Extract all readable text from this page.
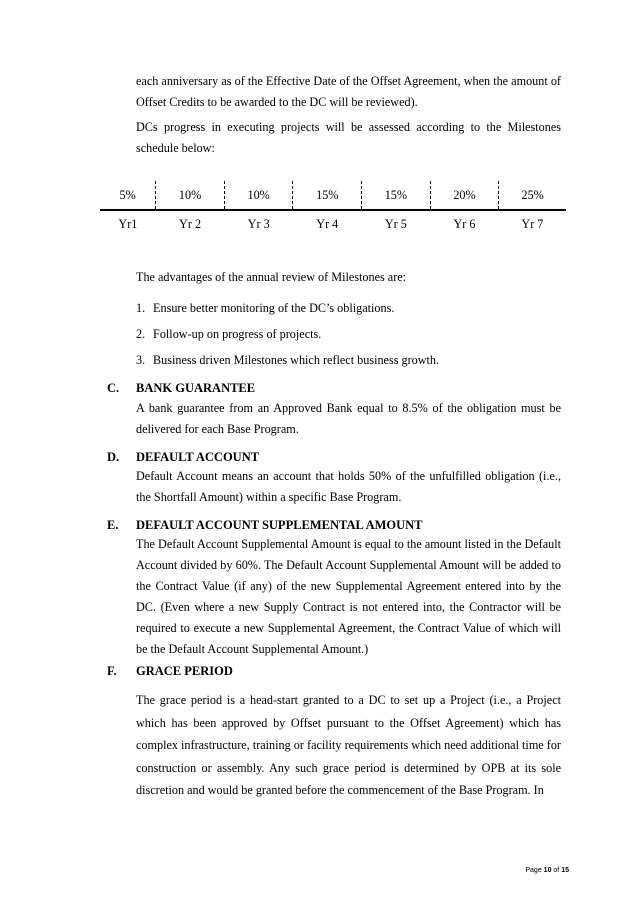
each anniversary as of the Effective Date of the Offset Agreement, when the amount of Offset Credits to be awarded to the DC will be reviewed).

DCs progress in executing projects will be assessed according to the Milestones schedule below:

5%	10%	10%	15%	15%	20%	25%
Yr1	Yr 2	Yr 3	Yr 4	Yr 5	Yr 6	Yr 7

The advantages of the annual review of Milestones are:

1. Ensure better monitoring of the DC’s obligations.

2. Follow-up on progress of projects.

3. Business driven Milestones which reflect business growth.

C. BANK GUARANTEE

A bank guarantee from an Approved Bank equal to 8.5% of the obligation must be delivered for each Base Program.

D. DEFAULT ACCOUNT

Default Account means an account that holds 50% of the unfulfilled obligation (i.e., the Shortfall Amount) within a specific Base Program.

E. DEFAULT ACCOUNT SUPPLEMENTAL AMOUNT

The Default Account Supplemental Amount is equal to the amount listed in the Default Account divided by 60%. The Default Account Supplemental Amount will be added to the Contract Value (if any) of the new Supplemental Agreement entered into by the DC. (Even where a new Supply Contract is not entered into, the Contractor will be required to execute a new Supplemental Agreement, the Contract Value of which will be the Default Account Supplemental Amount.)

F. GRACE PERIOD

The grace period is a head-start granted to a DC to set up a Project (i.e., a Project which has been approved by Offset pursuant to the Offset Agreement) which has complex infrastructure, training or facility requirements which need additional time for construction or assembly. Any such grace period is determined by OPB at its sole discretion and would be granted before the commencement of the Base Program. In

Page 10 of 15
